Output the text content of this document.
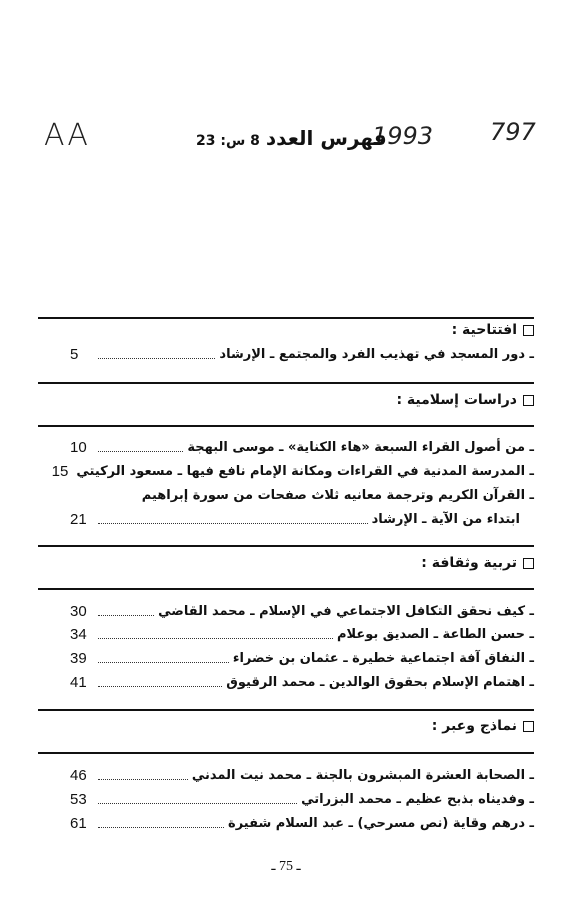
AA	797
1993
فهرس العدد
8 س: 23
افتتاحية :
ـ دور المسجد في تهذيب الفرد والمجتمع ـ الإرشاد
5
دراسات إسلامية :
ـ من أصول القراء السبعة «هاء الكناية» ـ موسى البهجة
10
ـ المدرسة المدنية في القراءات ومكانة الإمام نافع فيها ـ مسعود الركيتي
15
ـ القرآن الكريم وترجمة معانيه ثلاث صفحات من سورة إبراهيم
ابتداء من الآية ـ الإرشاد
21
تربية وثقافة :
ـ كيف نحقق التكافل الاجتماعي في الإسلام ـ محمد القاضي
30
ـ حسن الطاعة ـ الصديق بوعلام
34
ـ النفاق آفة اجتماعية خطيرة ـ عثمان بن خضراء
39
ـ اهتمام الإسلام بحقوق الوالدين ـ محمد الرقيوق
41
نماذج وعبر :
ـ الصحابة العشرة المبشرون بالجنة ـ محمد نيت المدني
46
ـ وفديناه بذبح عظيم ـ محمد البزراتي
53
ـ درهم وقاية (نص مسرحي) ـ عبد السلام شفيرة
61
ـ 75 ـ
